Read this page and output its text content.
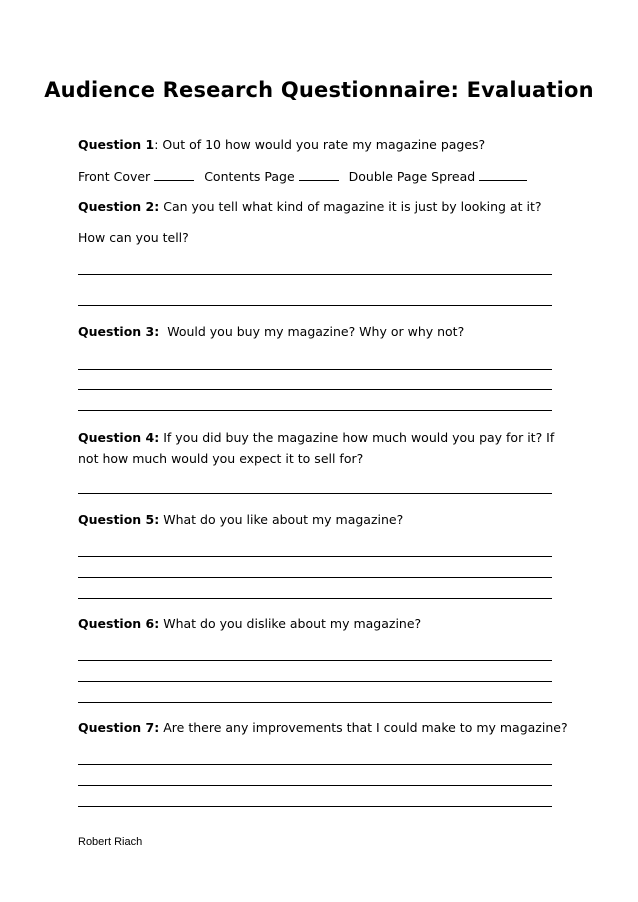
Audience Research Questionnaire: Evaluation
Question 1: Out of 10 how would you rate my magazine pages?
Front Cover	Contents Page	Double Page Spread
Question 2: Can you tell what kind of magazine it is just by looking at it?
How can you tell?
Question 3: Would you buy my magazine? Why or why not?
Question 4: If you did buy the magazine how much would you pay for it? If not how much would you expect it to sell for?
Question 5: What do you like about my magazine?
Question 6: What do you dislike about my magazine?
Question 7: Are there any improvements that I could make to my magazine?
Robert Riach
